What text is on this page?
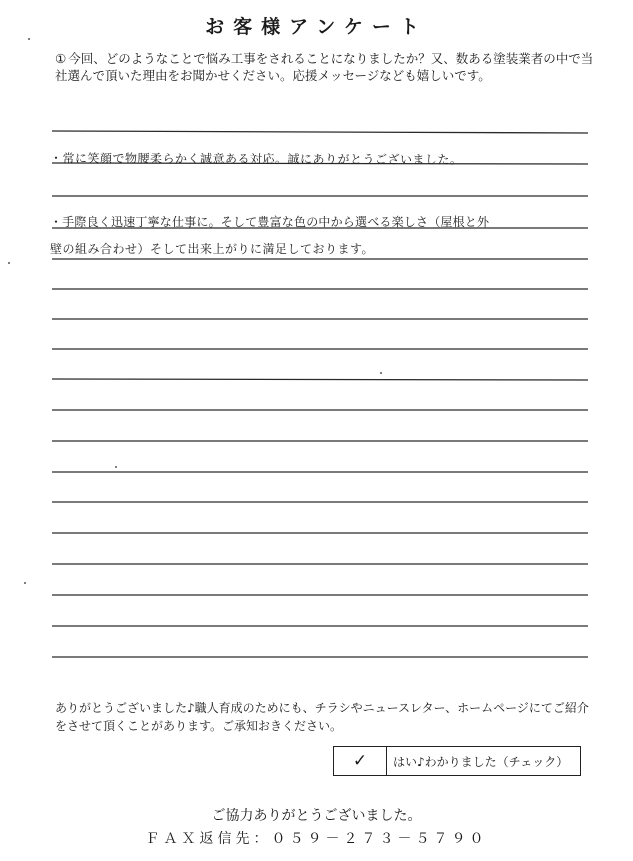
お客様アンケート
① 今回、どのようなことで悩み工事をされることになりましたか？又、数ある塗装業者の中で当社選んで頂いた理由をお聞かせください。応援メッセージなども嬉しいです。
・常に笑顔で物腰柔らかく誠意ある対応。誠にありがとうございました。
・手際良く迅速丁寧な仕事に。そして豊富な色の中から選べる楽しさ（屋根と外
壁の組み合わせ）そして出来上がりに満足しております。
ありがとうございました♪職人育成のためにも、チラシやニュースレター、ホームページにてご紹介をさせて頂くことがあります。ご承知おきください。
✓	はい♪わかりました（チェック）
ご協力ありがとうございました。
ＦＡＸ返信先：０５９－２７３－５７９０
